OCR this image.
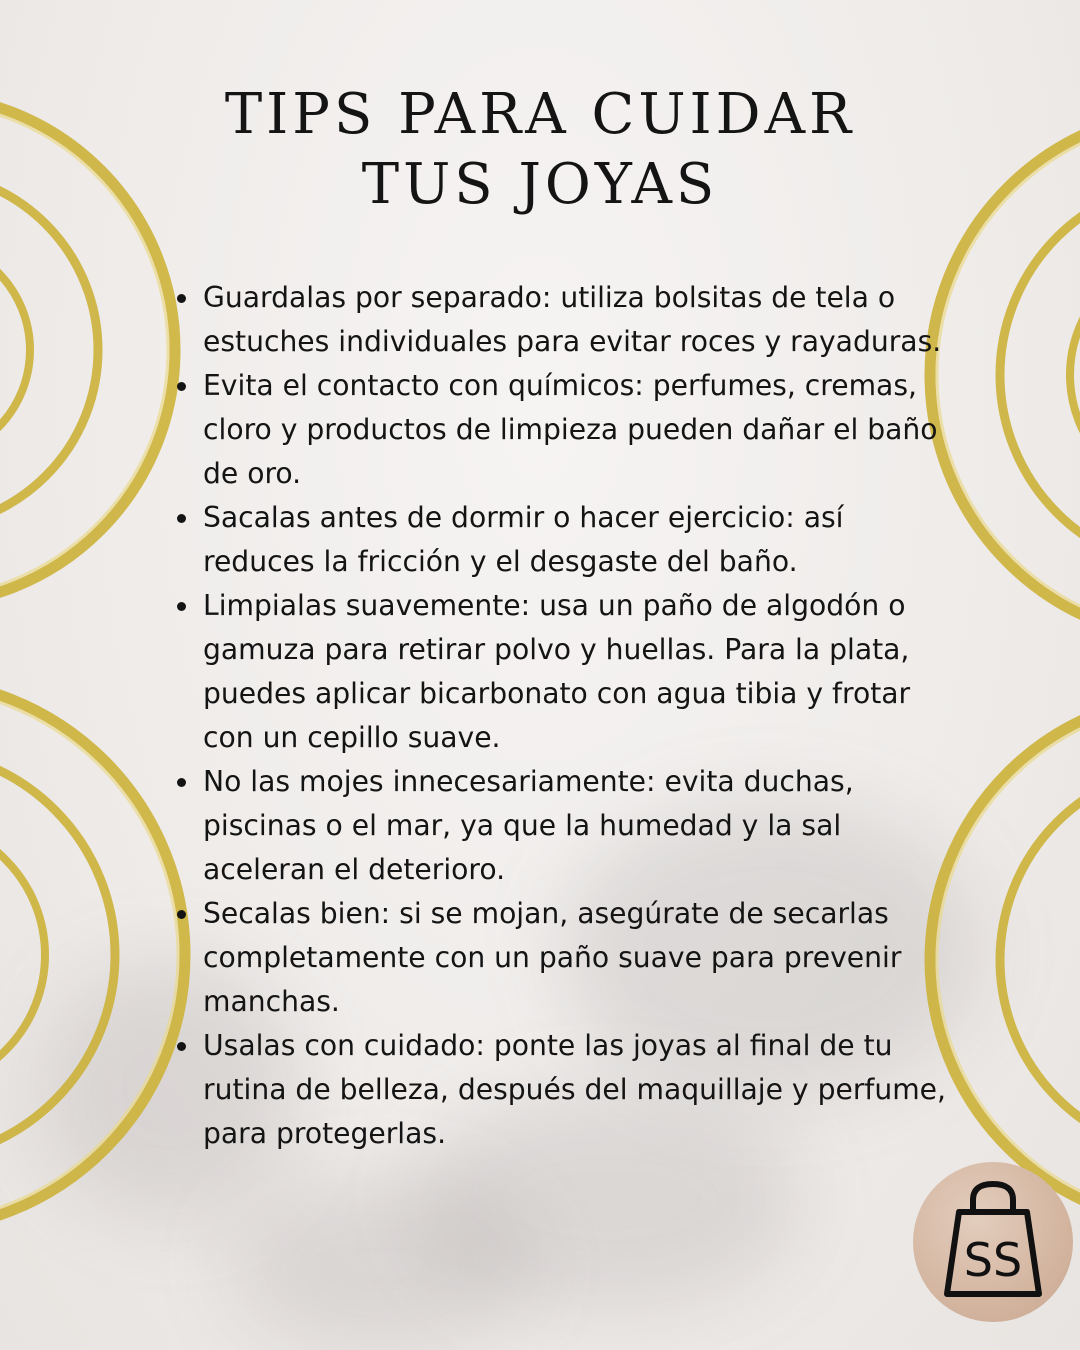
TIPS PARA CUIDAR
TUS JOYAS
Guardalas por separado: utiliza bolsitas de tela o estuches individuales para evitar roces y rayaduras.
Evita el contacto con químicos: perfumes, cremas, cloro y productos de limpieza pueden dañar el baño de oro.
Sacalas antes de dormir o hacer ejercicio: así reduces la fricción y el desgaste del baño.
Limpialas suavemente: usa un paño de algodón o gamuza para retirar polvo y huellas. Para la plata, puedes aplicar bicarbonato con agua tibia y frotar con un cepillo suave.
No las mojes innecesariamente: evita duchas, piscinas o el mar, ya que la humedad y la sal aceleran el deterioro.
Secalas bien: si se mojan, asegúrate de secarlas completamente con un paño suave para prevenir manchas.
Usalas con cuidado: ponte las joyas al final de tu rutina de belleza, después del maquillaje y perfume, para protegerlas.
SS
